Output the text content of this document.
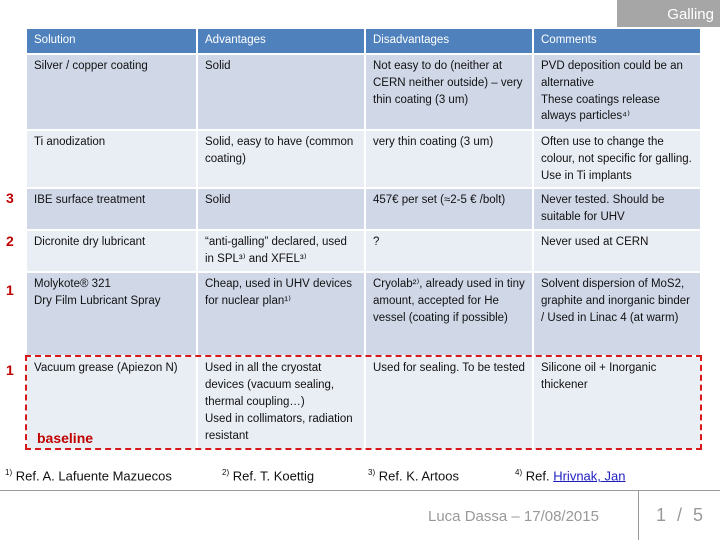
Galling
Solution	Advantages	Disadvantages	Comments
Silver / copper coating	Solid	Not easy to do (neither at CERN neither outside) – very thin coating (3 um)	PVD deposition could be an alternative
These coatings release always particles⁴⁾
Ti anodization	Solid, easy to have (common coating)	very thin coating (3 um)	Often use to change the colour, not specific for galling. Use in Ti implants
IBE surface treatment	Solid	457€ per set (≈2-5 € /bolt)	Never tested. Should be suitable for UHV
Dicronite dry lubricant	“anti-galling” declared, used in SPL³⁾ and XFEL³⁾	?	Never used at CERN
Molykote® 321
Dry Film Lubricant Spray	Cheap, used in UHV devices for nuclear plan¹⁾	Cryolab²⁾, already used in tiny amount, accepted for He vessel (coating if possible)	Solvent dispersion of MoS2,
graphite and inorganic binder / Used in Linac 4 (at warm)
Vacuum grease (Apiezon N)	Used in all the cryostat devices (vacuum sealing, thermal coupling…)
Used in collimators, radiation resistant	Used for sealing. To be tested	Silicone oil + Inorganic thickener
3
2
1
1
baseline
$^{1)}$ Ref. A. Lafuente Mazuecos	$^{2)}$ Ref. T. Koettig	$^{3)}$ Ref. K. Artoos	$^{4)}$ Ref. Hrivnak, Jan
Luca Dassa – 17/08/2015	1 / 5
